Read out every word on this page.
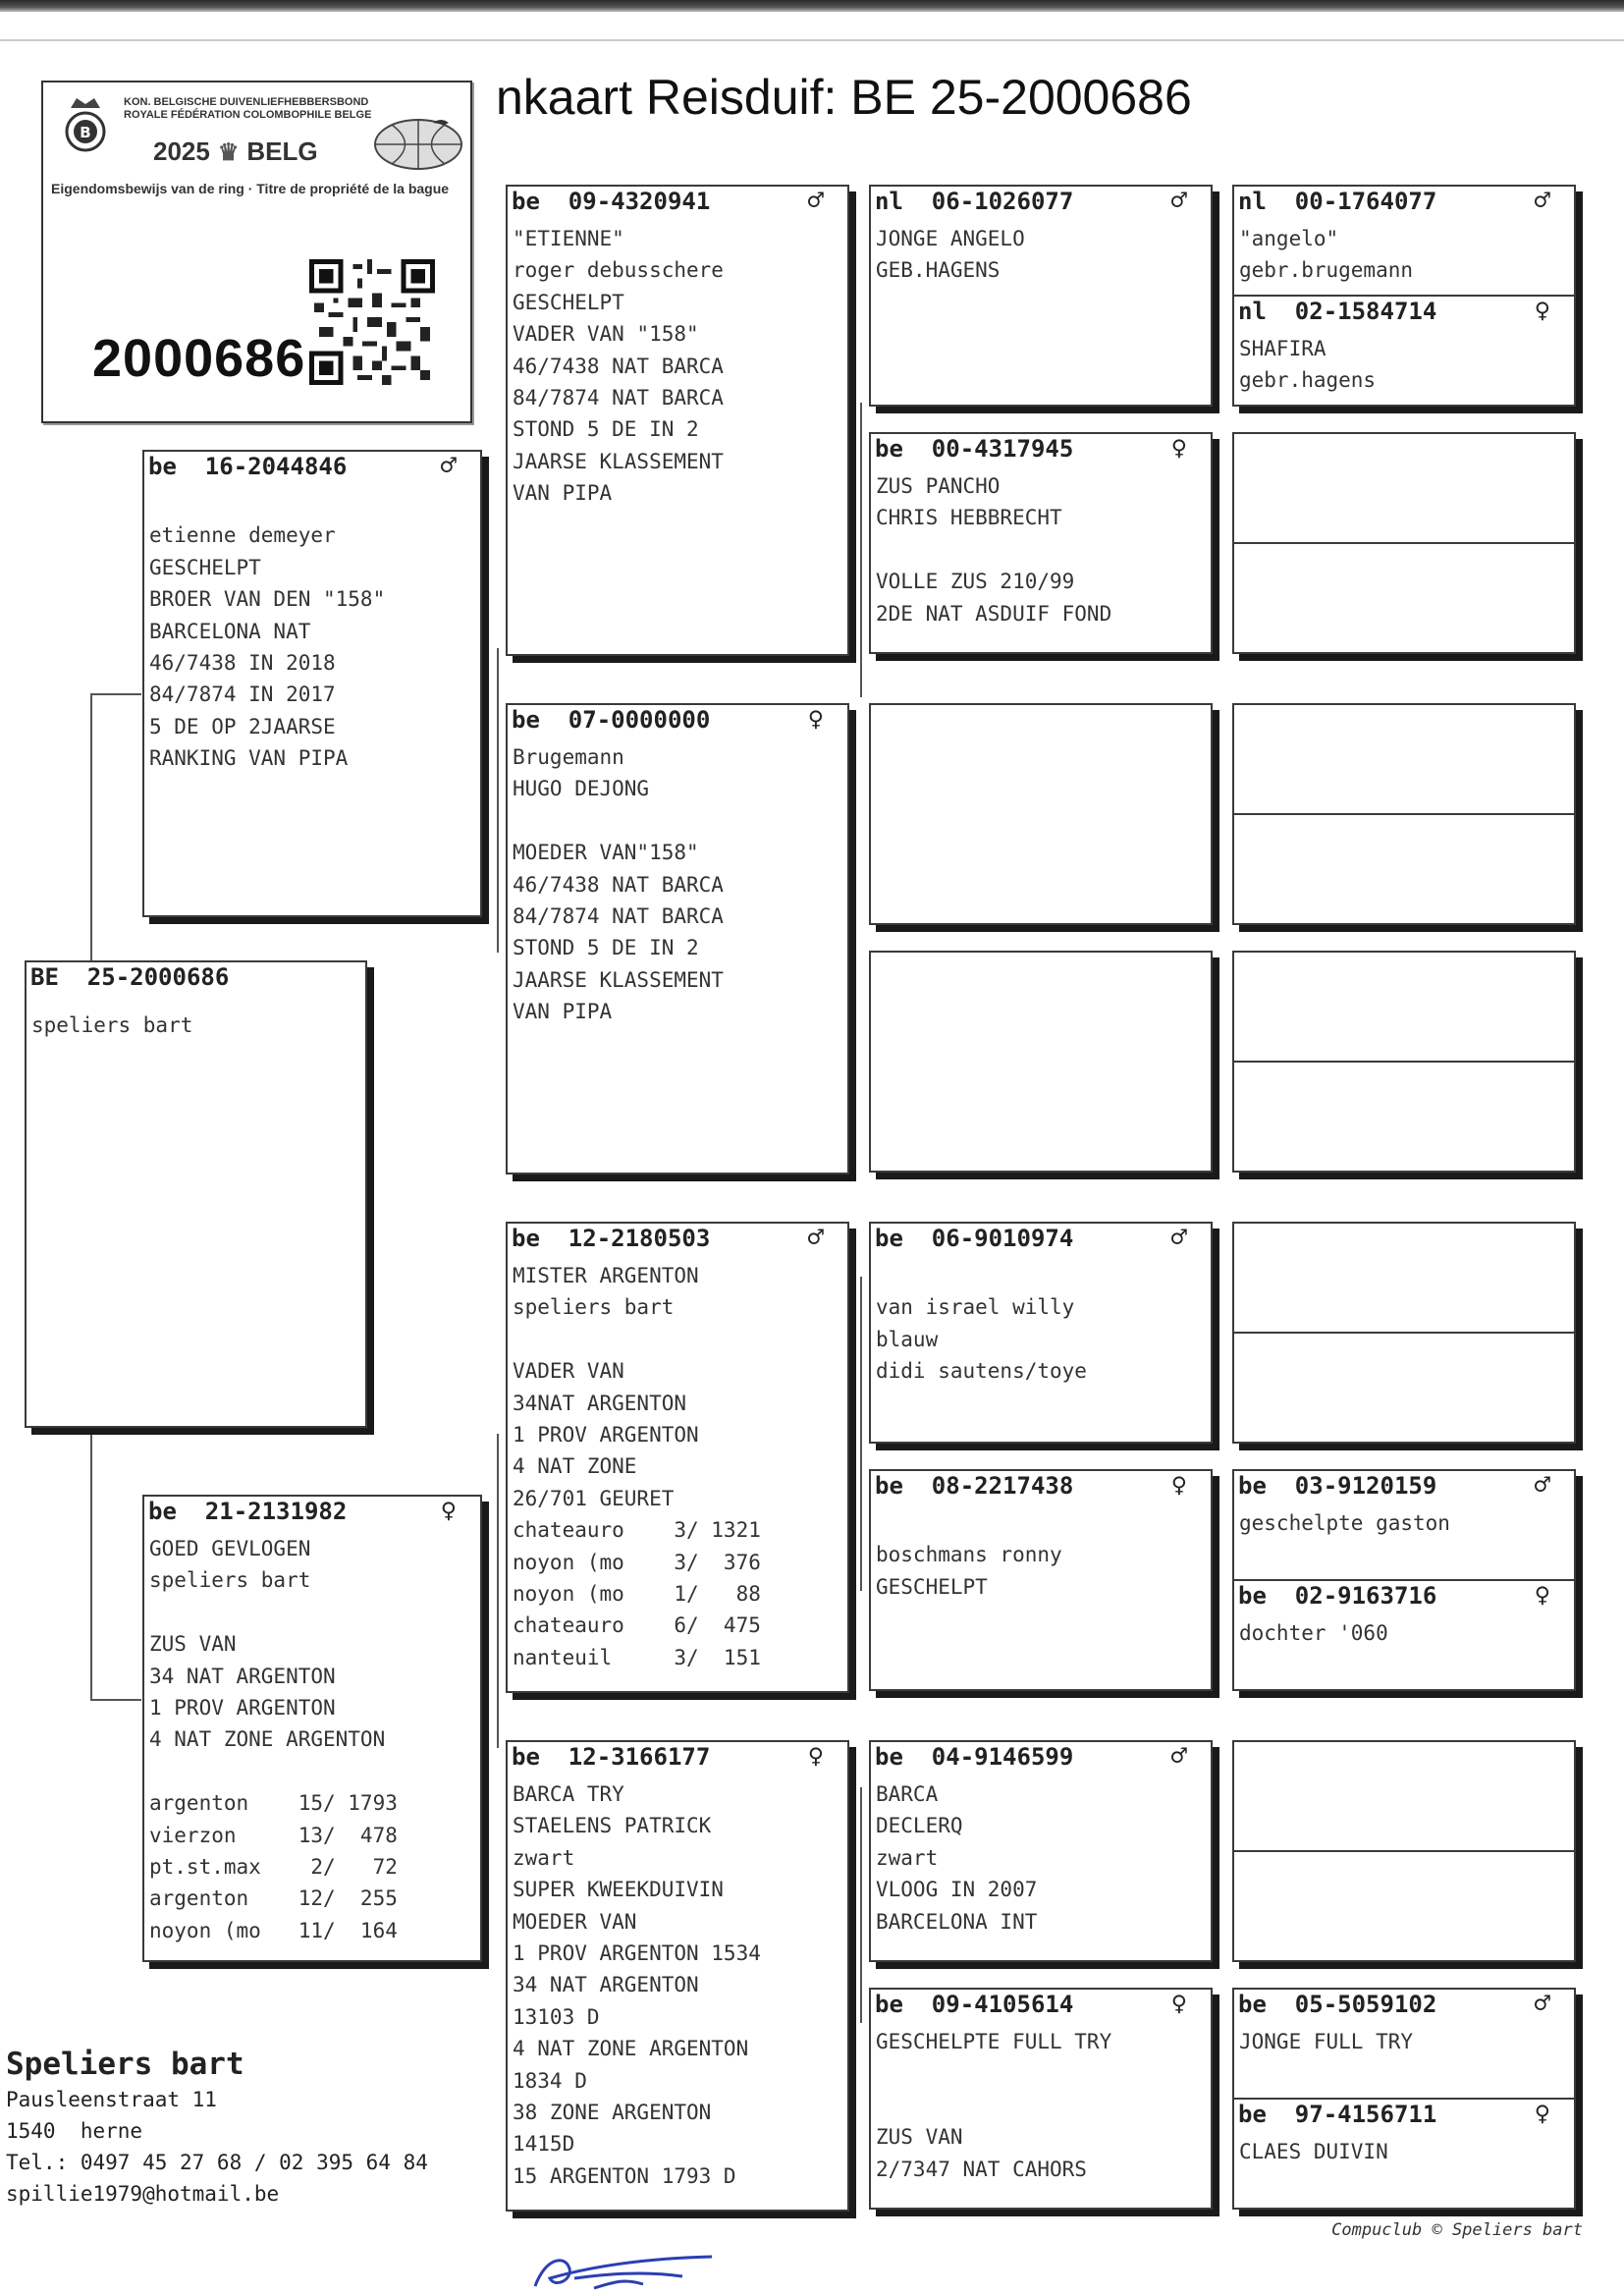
nkaart Reisduif: BE 25-2000686
B
KON. BELGISCHE DUIVENLIEFHEBBERSBOND
ROYALE FÉDÉRATION COLOMBOPHILE BELGE
2025 ♛ BELG
Eigendomsbewijs van de ring · Titre de propriété de la bague
2000686
BE  25-2000686
speliers bart
be  16-2044846	♂

etienne demeyer
GESCHELPT
BROER VAN DEN "158"
BARCELONA NAT
46/7438 IN 2018
84/7874 IN 2017
5 DE OP 2JAARSE
RANKING VAN PIPA
be  21-2131982	♀
GOED GEVLOGEN
speliers bart

ZUS VAN
34 NAT ARGENTON
1 PROV ARGENTON
4 NAT ZONE ARGENTON

argenton    15/ 1793
vierzon     13/  478
pt.st.max    2/   72
argenton    12/  255
noyon (mo   11/  164
be  09-4320941	♂
"ETIENNE"
roger debusschere
GESCHELPT
VADER VAN "158"
46/7438 NAT BARCA
84/7874 NAT BARCA
STOND 5 DE IN 2
JAARSE KLASSEMENT
VAN PIPA
be  07-0000000	♀
Brugemann
HUGO DEJONG

MOEDER VAN"158"
46/7438 NAT BARCA
84/7874 NAT BARCA
STOND 5 DE IN 2
JAARSE KLASSEMENT
VAN PIPA
be  12-2180503	♂
MISTER ARGENTON
speliers bart

VADER VAN
34NAT ARGENTON
1 PROV ARGENTON
4 NAT ZONE
26/701 GEURET
chateauro    3/ 1321
noyon (mo    3/  376
noyon (mo    1/   88
chateauro    6/  475
nanteuil     3/  151
be  12-3166177	♀
BARCA TRY
STAELENS PATRICK
zwart
SUPER KWEEKDUIVIN
MOEDER VAN
1 PROV ARGENTON 1534
34 NAT ARGENTON
13103 D
4 NAT ZONE ARGENTON
1834 D
38 ZONE ARGENTON
1415D
15 ARGENTON 1793 D
nl  06-1026077	♂
JONGE ANGELO
GEB.HAGENS
be  00-4317945	♀
ZUS PANCHO
CHRIS HEBBRECHT

VOLLE ZUS 210/99
2DE NAT ASDUIF FOND
be  06-9010974	♂

van israel willy
blauw
didi sautens/toye
be  08-2217438	♀

boschmans ronny
GESCHELPT
be  04-9146599	♂
BARCA
DECLERQ
zwart
VLOOG IN 2007
BARCELONA INT
be  09-4105614	♀
GESCHELPTE FULL TRY

ZUS VAN
2/7347 NAT CAHORS
nl  00-1764077	♂
"angelo"
gebr.brugemann
nl  02-1584714	♀
SHAFIRA
gebr.hagens
be  03-9120159	♂
geschelpte gaston
be  02-9163716	♀
dochter '060
be  05-5059102	♂
JONGE FULL TRY
be  97-4156711	♀
CLAES DUIVIN
Speliers bart
Pausleenstraat 11
1540  herne
Tel.: 0497 45 27 68 / 02 395 64 84
spillie1979@hotmail.be
Compuclub © Speliers bart
